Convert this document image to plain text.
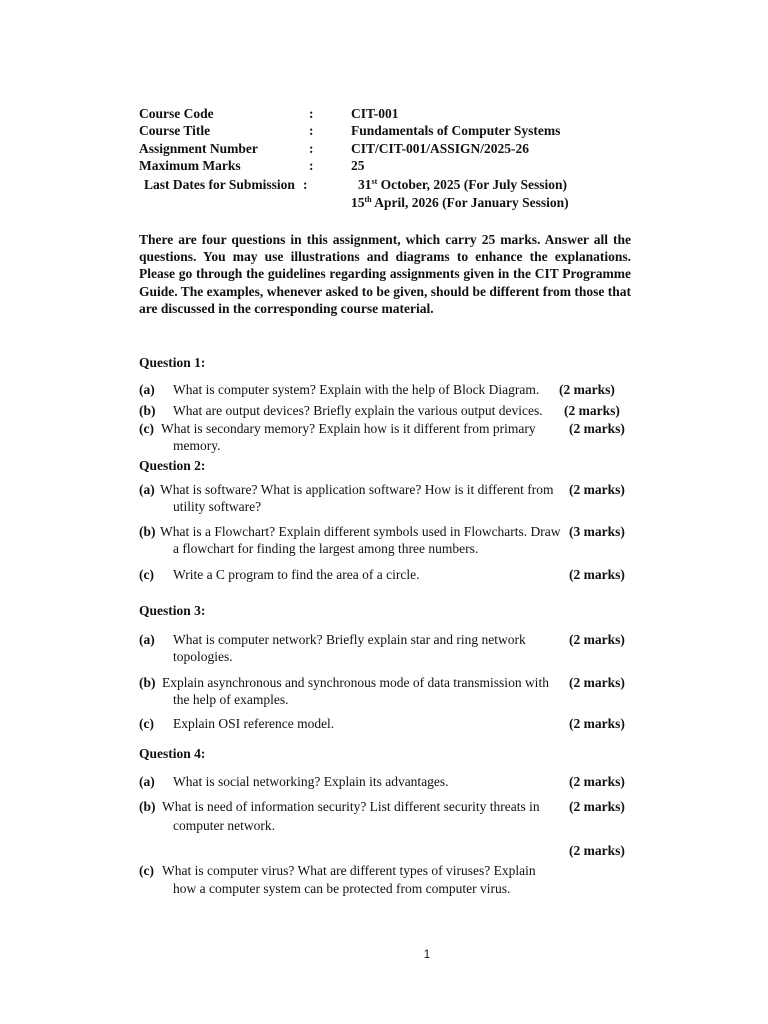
Course Code	:	CIT-001
Course Title	:	Fundamentals of Computer Systems
Assignment Number	:	CIT/CIT-001/ASSIGN/2025-26
Maximum Marks	:	25
Last Dates for Submission :	31st October, 2025 (For July Session)
15th April, 2026 (For January Session)
There are four questions in this assignment, which carry 25 marks. Answer all the questions. You may use illustrations and diagrams to enhance the explanations. Please go through the guidelines regarding assignments given in the CIT Programme Guide. The examples, whenever asked to be given, should be different from those that are discussed in the corresponding course material.
Question 1:
(a) What is computer system? Explain with the help of Block Diagram. (2 marks)
(b) What are output devices? Briefly explain the various output devices. (2 marks)
(c) What is secondary memory? Explain how is it different from primary (2 marks)
memory.
Question 2:
(a) What is software? What is application software? How is it different from (2 marks)
utility software?
(b) What is a Flowchart? Explain different symbols used in Flowcharts. Draw (3 marks)
a flowchart for finding the largest among three numbers.
(c) Write a C program to find the area of a circle.	(2 marks)
Question 3:
(a) What is computer network? Briefly explain star and ring network	(2 marks)
topologies.
(b) Explain asynchronous and synchronous mode of data transmission with (2 marks)
the help of examples.
(c) Explain OSI reference model.	(2 marks)
Question 4:
(a) What is social networking? Explain its advantages.	(2 marks)
(b) What is need of information security? List different security threats in (2 marks)
computer network.
(2 marks)
(c) What is computer virus? What are different types of viruses? Explain
how a computer system can be protected from computer virus.
1
